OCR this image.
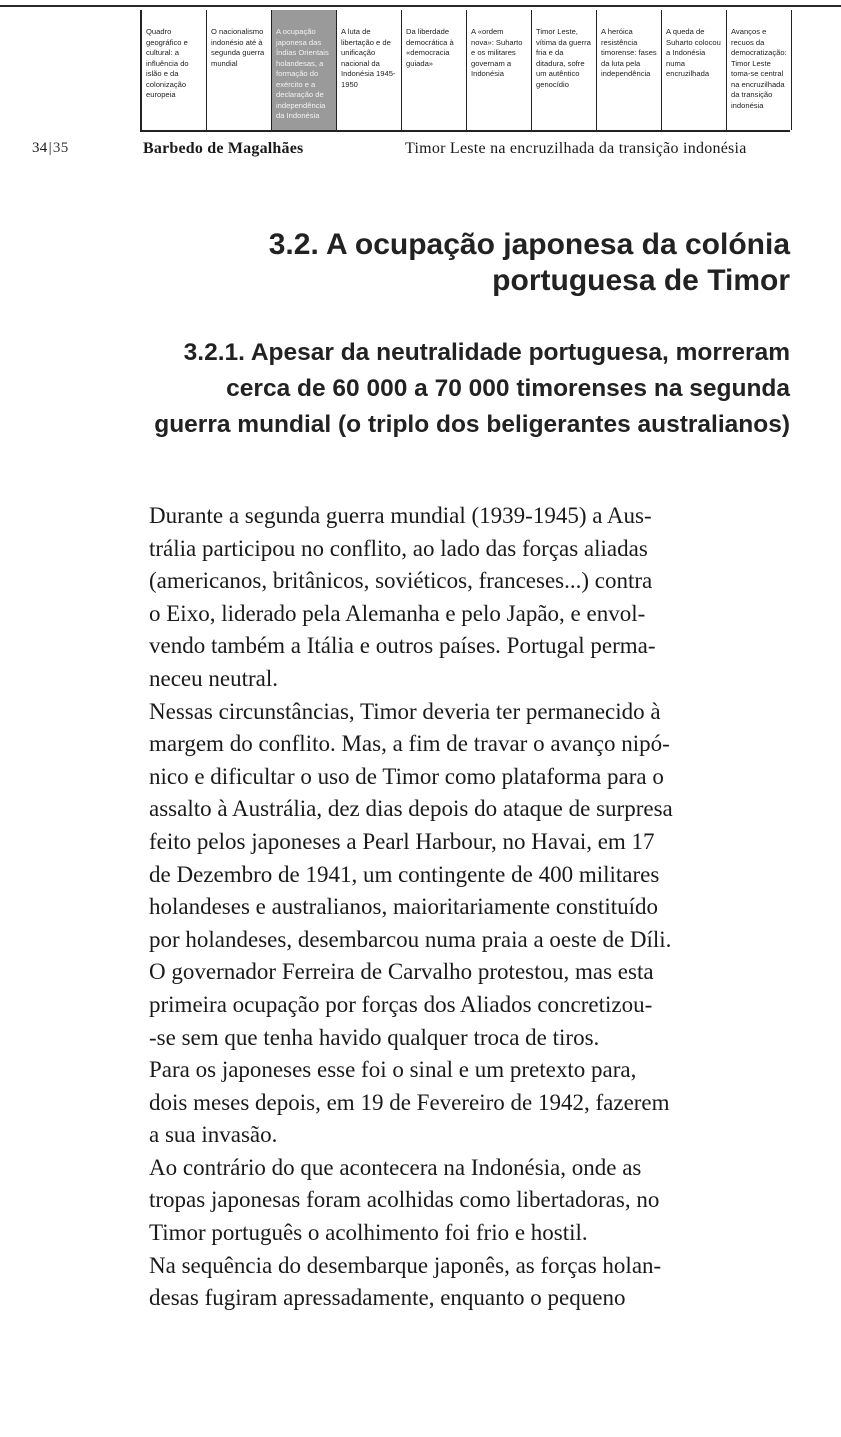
Quadro geográfico e cultural: a influência do islão e da colonização europeia
O nacionalismo indonésio até à segunda guerra mundial
A ocupação japonesa das Índias Orientais holandesas, a formação do exército e a declaração de independência da Indonésia
A luta de libertação e de unificação nacional da Indonésia 1945-1950
Da liberdade democrática à «democracia guiada»
A «ordem nova»: Suharto e os militares governam a Indonésia
Timor Leste, vítima da guerra fria e da ditadura, sofre um autêntico genocídio
A heróica resistência timorense: fases da luta pela independência
A queda de Suharto colocou a Indonésia numa encruzilhada
Avanços e recuos da democratização: Timor Leste toma-se central na encruzilhada da transição indonésia
34|35	Barbedo de Magalhães	Timor Leste na encruzilhada da transição indonésia
3.2. A ocupação japonesa da colónia portuguesa de Timor
3.2.1. Apesar da neutralidade portuguesa, morreram cerca de 60 000 a 70 000 timorenses na segunda guerra mundial (o triplo dos beligerantes australianos)

Durante a segunda guerra mundial (1939-1945) a Aus-
trália participou no conflito, ao lado das forças aliadas
(americanos, britânicos, soviéticos, franceses...) contra
o Eixo, liderado pela Alemanha e pelo Japão, e envol-
vendo também a Itália e outros países. Portugal perma-
neceu neutral.

Nessas circunstâncias, Timor deveria ter permanecido à
margem do conflito. Mas, a fim de travar o avanço nipó-
nico e dificultar o uso de Timor como plataforma para o
assalto à Austrália, dez dias depois do ataque de surpresa
feito pelos japoneses a Pearl Harbour, no Havai, em 17
de Dezembro de 1941, um contingente de 400 militares
holandeses e australianos, maioritariamente constituído
por holandeses, desembarcou numa praia a oeste de Díli.

O governador Ferreira de Carvalho protestou, mas esta
primeira ocupação por forças dos Aliados concretizou-
-se sem que tenha havido qualquer troca de tiros.

Para os japoneses esse foi o sinal e um pretexto para,
dois meses depois, em 19 de Fevereiro de 1942, fazerem
a sua invasão.

Ao contrário do que acontecera na Indonésia, onde as
tropas japonesas foram acolhidas como libertadoras, no
Timor português o acolhimento foi frio e hostil.

Na sequência do desembarque japonês, as forças holan-
desas fugiram apressadamente, enquanto o pequeno
